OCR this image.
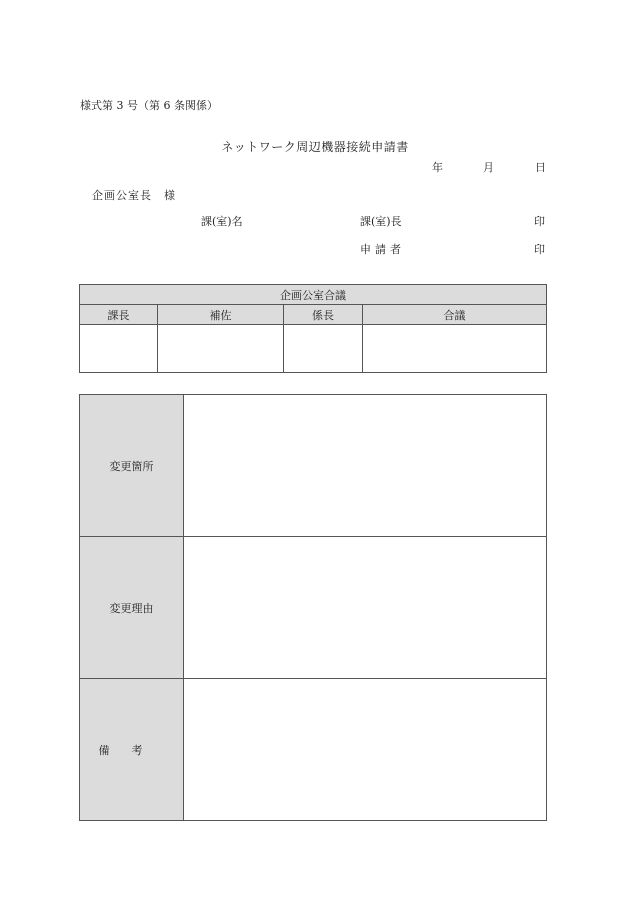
様式第 3 号（第 6 条関係）
ネットワーク周辺機器接続申請書
年	月	日
企画公室長　様
課(室)名	課(室)長	印
申請者	印
企画公室合議			
課長	補佐	係長	合議

変更箇所	
変更理由	
備考	
